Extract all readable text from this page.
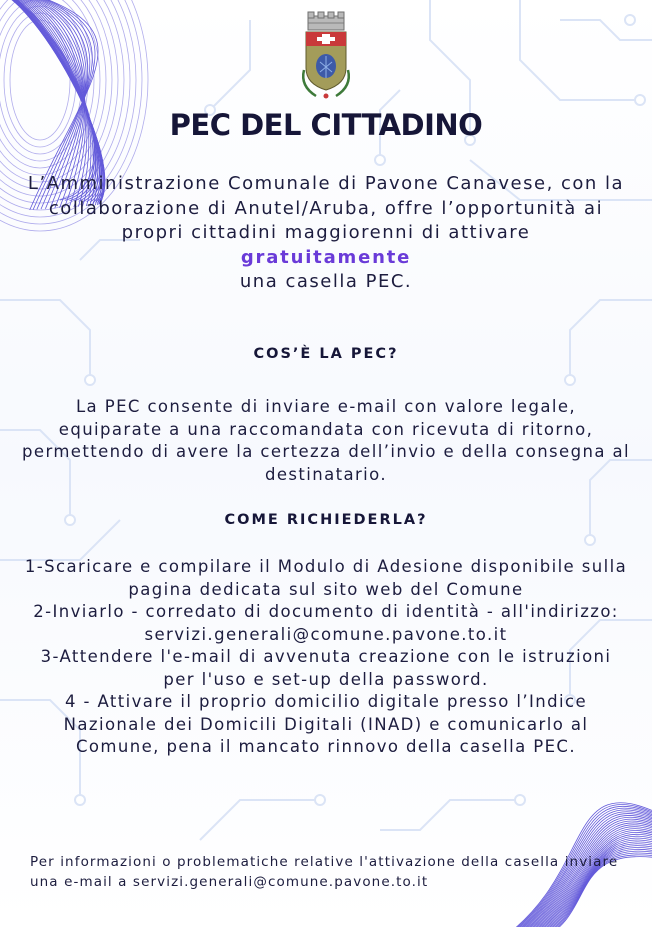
PEC DEL CITTADINO
L’Amministrazione Comunale di Pavone Canavese, con la collaborazione di Anutel/Aruba, offre l’opportunità ai propri cittadini maggiorenni di attivare
gratuitamente
una casella PEC.
COS’È LA PEC?
La PEC consente di inviare e-mail con valore legale, equiparate a una raccomandata con ricevuta di ritorno, permettendo di avere la certezza dell’invio e della consegna al destinatario.
COME RICHIEDERLA?
1-Scaricare e compilare il Modulo di Adesione disponibile sulla pagina dedicata sul sito web del Comune
2-Inviarlo - corredato di documento di identità - all'indirizzo: servizi.generali@comune.pavone.to.it
3-Attendere l'e-mail di avvenuta creazione con le istruzioni per l'uso e set-up della password.
4 - Attivare il proprio domicilio digitale presso l’Indice Nazionale dei Domicili Digitali (INAD) e comunicarlo al Comune, pena il mancato rinnovo della casella PEC.
Per informazioni o problematiche relative l'attivazione della casella inviare una e-mail a servizi.generali@comune.pavone.to.it
